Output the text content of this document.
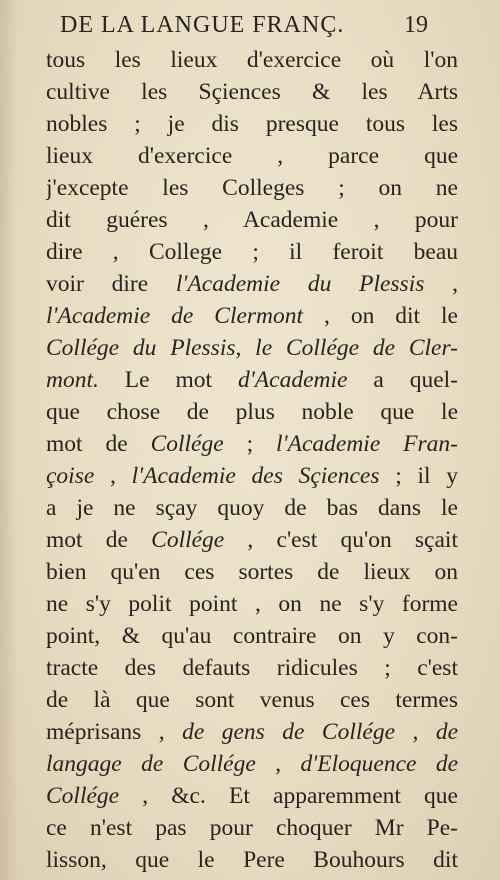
DE LA LANGUE FRANÇ.	19
tous les lieux d'exercice où l'on
cultive les Sçiences & les Arts
nobles ; je dis presque tous les
lieux d'exercice , parce que
j'excepte les Colleges ; on ne
dit guéres , Academie , pour
dire , College ; il feroit beau
voir dire l'Academie du Plessis ,
l'Academie de Clermont , on dit le
Collége du Plessis, le Collége de Cler-
mont. Le mot d'Academie a quel-
que chose de plus noble que le
mot de Collége ; l'Academie Fran-
çoise , l'Academie des Sçiences ; il y
a je ne sçay quoy de bas dans le
mot de Collége , c'est qu'on sçait
bien qu'en ces sortes de lieux on
ne s'y polit point , on ne s'y forme
point, & qu'au contraire on y con-
tracte des defauts ridicules ; c'est
de là que sont venus ces termes
méprisans , de gens de Collége , de
langage de Collége , d'Eloquence de
Collége , &c. Et apparemment que
ce n'est pas pour choquer Mr Pe-
lisson, que le Pere Bouhours dit
